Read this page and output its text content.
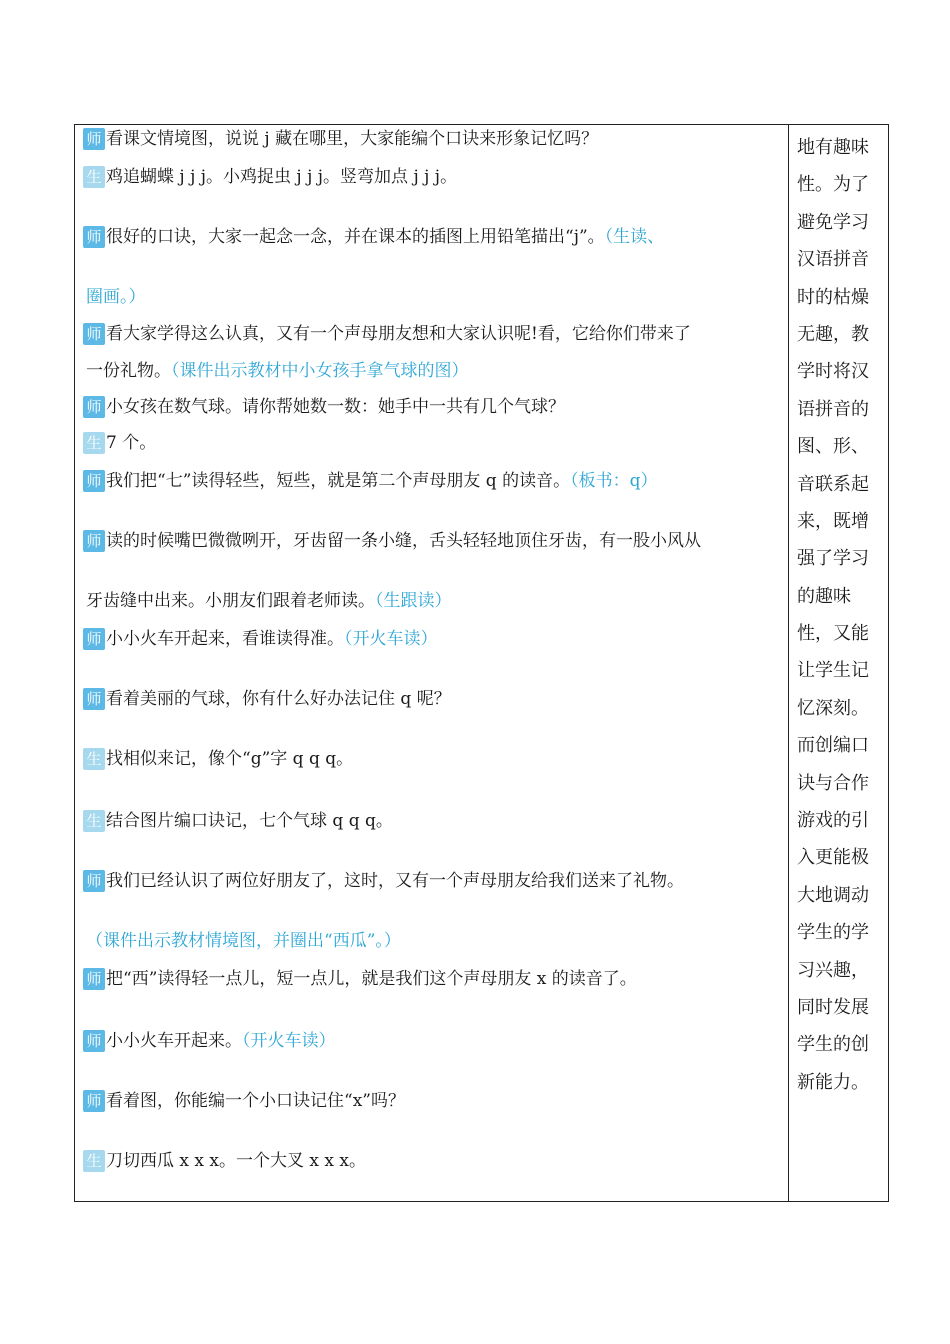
师 看课文情境图，说说 j 藏在哪里，大家能编个口诀来形象记忆吗？
生 鸡追蝴蝶 j j j。小鸡捉虫 j j j。竖弯加点 j j j。
师 很好的口诀，大家一起念一念，并在课本的插图上用铅笔描出“j”。（生读、
圈画。）
师 看大家学得这么认真，又有一个声母朋友想和大家认识呢!看，它给你们带来了
一份礼物。（课件出示教材中小女孩手拿气球的图）
师 小女孩在数气球。请你帮她数一数：她手中一共有几个气球？
生 7 个。
师 我们把“七”读得轻些，短些，就是第二个声母朋友 q 的读音。（板书：q）
师 读的时候嘴巴微微咧开，牙齿留一条小缝，舌头轻轻地顶住牙齿，有一股小风从
牙齿缝中出来。小朋友们跟着老师读。（生跟读）
师 小小火车开起来，看谁读得准。（开火车读）
师 看着美丽的气球，你有什么好办法记住 q 呢？
生 找相似来记，像个“g”字 q q q。
生 结合图片编口诀记，七个气球 q q q。
师 我们已经认识了两位好朋友了，这时，又有一个声母朋友给我们送来了礼物。
（课件出示教材情境图，并圈出“西瓜”。）
师 把“西”读得轻一点儿，短一点儿，就是我们这个声母朋友 x 的读音了。
师 小小火车开起来。（开火车读）
师 看着图，你能编一个小口诀记住“x”吗？
生 刀切西瓜 x x x。一个大叉 x x x。
地有趣味
性。为了
避免学习
汉语拼音
时的枯燥
无趣，教
学时将汉
语拼音的
图、形、
音联系起
来，既增
强了学习
的趣味
性，又能
让学生记
忆深刻。
而创编口
诀与合作
游戏的引
入更能极
大地调动
学生的学
习兴趣，
同时发展
学生的创
新能力。
